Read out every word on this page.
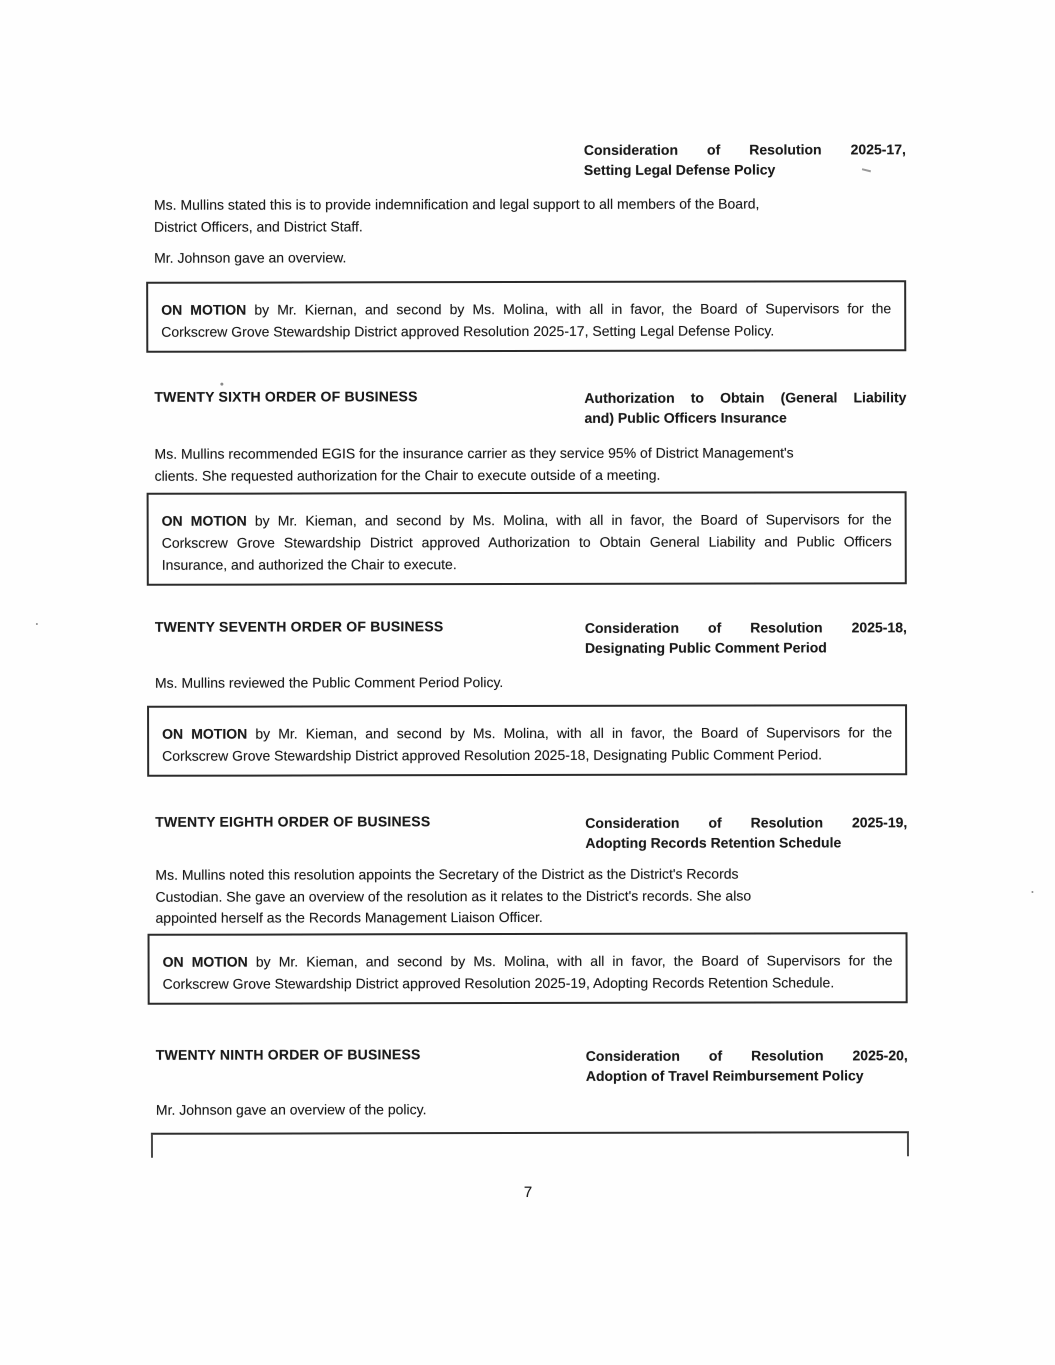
Consideration of Resolution 2025-17,
Setting Legal Defense Policy
Ms. Mullins stated this is to provide indemnification and legal support to all members of the Board,
District Officers, and District Staff.
Mr. Johnson gave an overview.
ON MOTION by Mr. Kiernan, and second by Ms. Molina, with all in favor, the Board of Supervisors for the
Corkscrew Grove Stewardship District approved Resolution 2025-17, Setting Legal Defense Policy.
TWENTY SIXTH ORDER OF BUSINESS	Authorization to Obtain (General Liability
and) Public Officers Insurance
Ms. Mullins recommended EGIS for the insurance carrier as they service 95% of District Management's
clients. She requested authorization for the Chair to execute outside of a meeting.
ON MOTION by Mr. Kieman, and second by Ms. Molina, with all in favor, the Board of Supervisors for the
Corkscrew Grove Stewardship District approved Authorization to Obtain General Liability and Public Officers
Insurance, and authorized the Chair to execute.
TWENTY SEVENTH ORDER OF BUSINESS	Consideration of Resolution 2025-18,
Designating Public Comment Period
Ms. Mullins reviewed the Public Comment Period Policy.
ON MOTION by Mr. Kieman, and second by Ms. Molina, with all in favor, the Board of Supervisors for the
Corkscrew Grove Stewardship District approved Resolution 2025-18, Designating Public Comment Period.
TWENTY EIGHTH ORDER OF BUSINESS	Consideration of Resolution 2025-19,
Adopting Records Retention Schedule
Ms. Mullins noted this resolution appoints the Secretary of the District as the District's Records
Custodian. She gave an overview of the resolution as it relates to the District's records. She also
appointed herself as the Records Management Liaison Officer.
ON MOTION by Mr. Kieman, and second by Ms. Molina, with all in favor, the Board of Supervisors for the
Corkscrew Grove Stewardship District approved Resolution 2025-19, Adopting Records Retention Schedule.
TWENTY NINTH ORDER OF BUSINESS	Consideration of Resolution 2025-20,
Adoption of Travel Reimbursement Policy
Mr. Johnson gave an overview of the policy.
7
